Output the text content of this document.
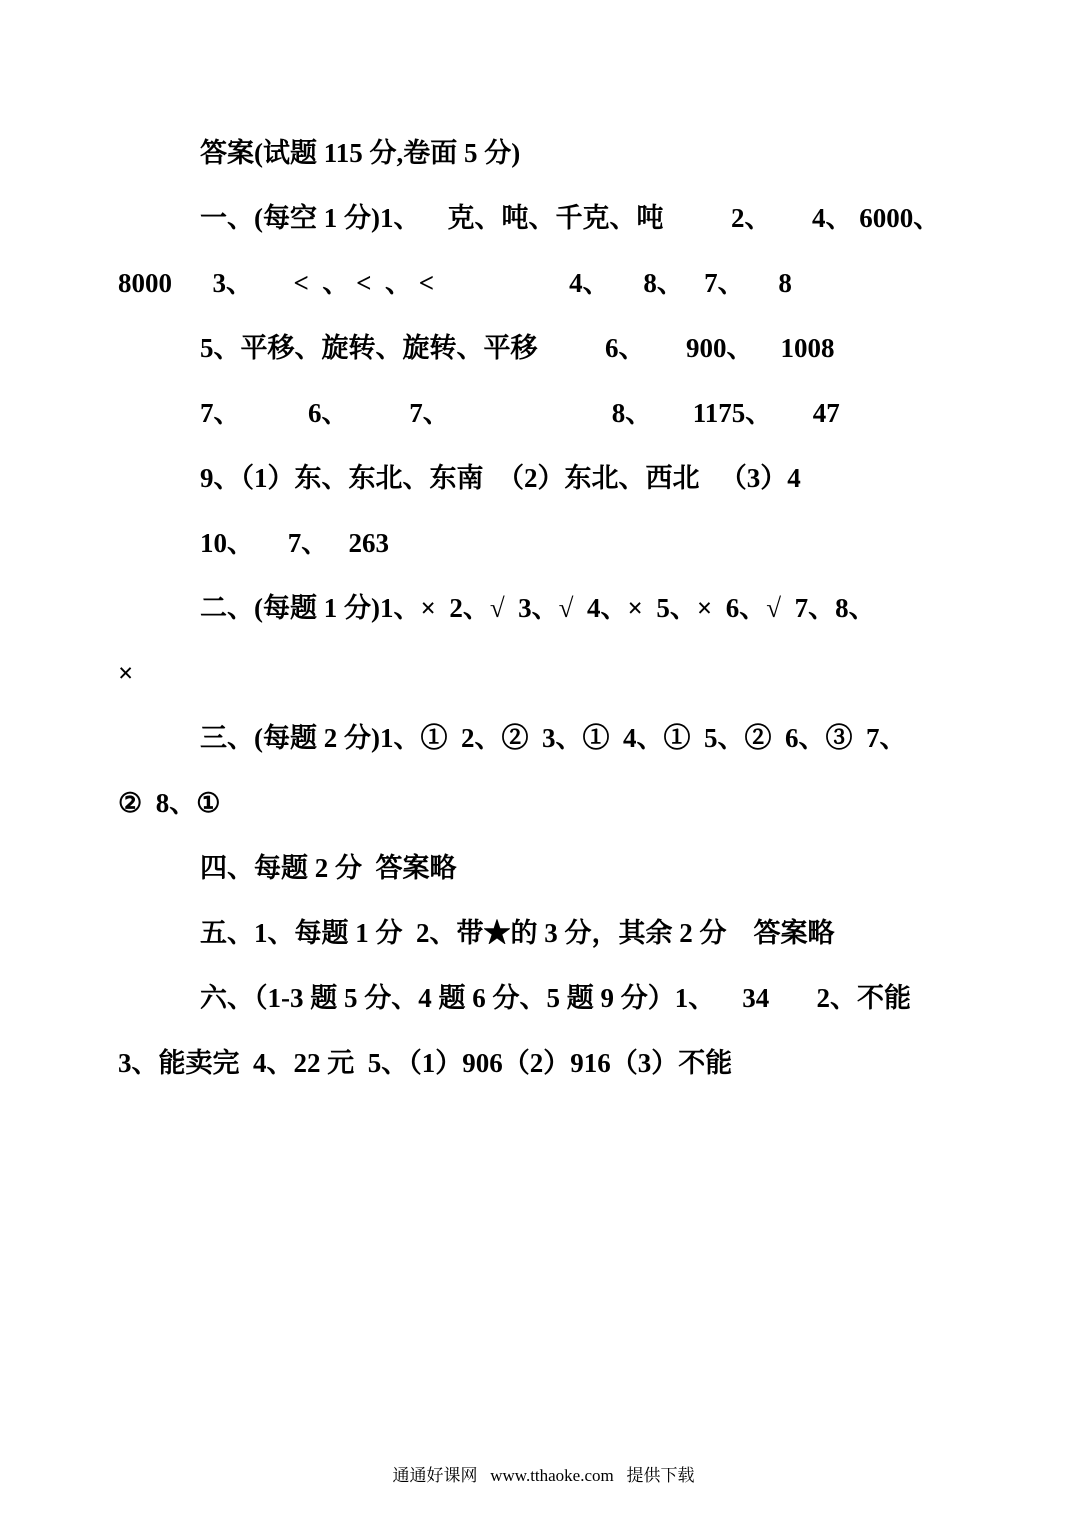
答案(试题 115 分,卷面 5 分)

一、(每空 1 分)1、    克、吨、千克、吨          2、      4、 6000、

8000      3、      <  、 <  、 <                    4、     8、   7、     8

5、平移、旋转、旋转、平移          6、      900、    1008

7、          6、         7、                        8、      1175、      47

9、（1）东、东北、东南  （2）东北、西北   （3）4

10、     7、   263

二、(每题 1 分)1、×  2、√  3、√  4、×  5、×  6、√  7、8、

×

三、(每题 2 分)1、①  2、②  3、①  4、①  5、②  6、③  7、

②  8、①

四、每题 2 分  答案略

五、1、每题 1 分  2、带★的 3 分，其余 2 分    答案略

六、（1-3 题 5 分、4 题 6 分、5 题 9 分）1、    34       2、不能

3、能卖完  4、22 元  5、（1）906（2）916（3）不能

通通好课网   www.tthaoke.com   提供下载
